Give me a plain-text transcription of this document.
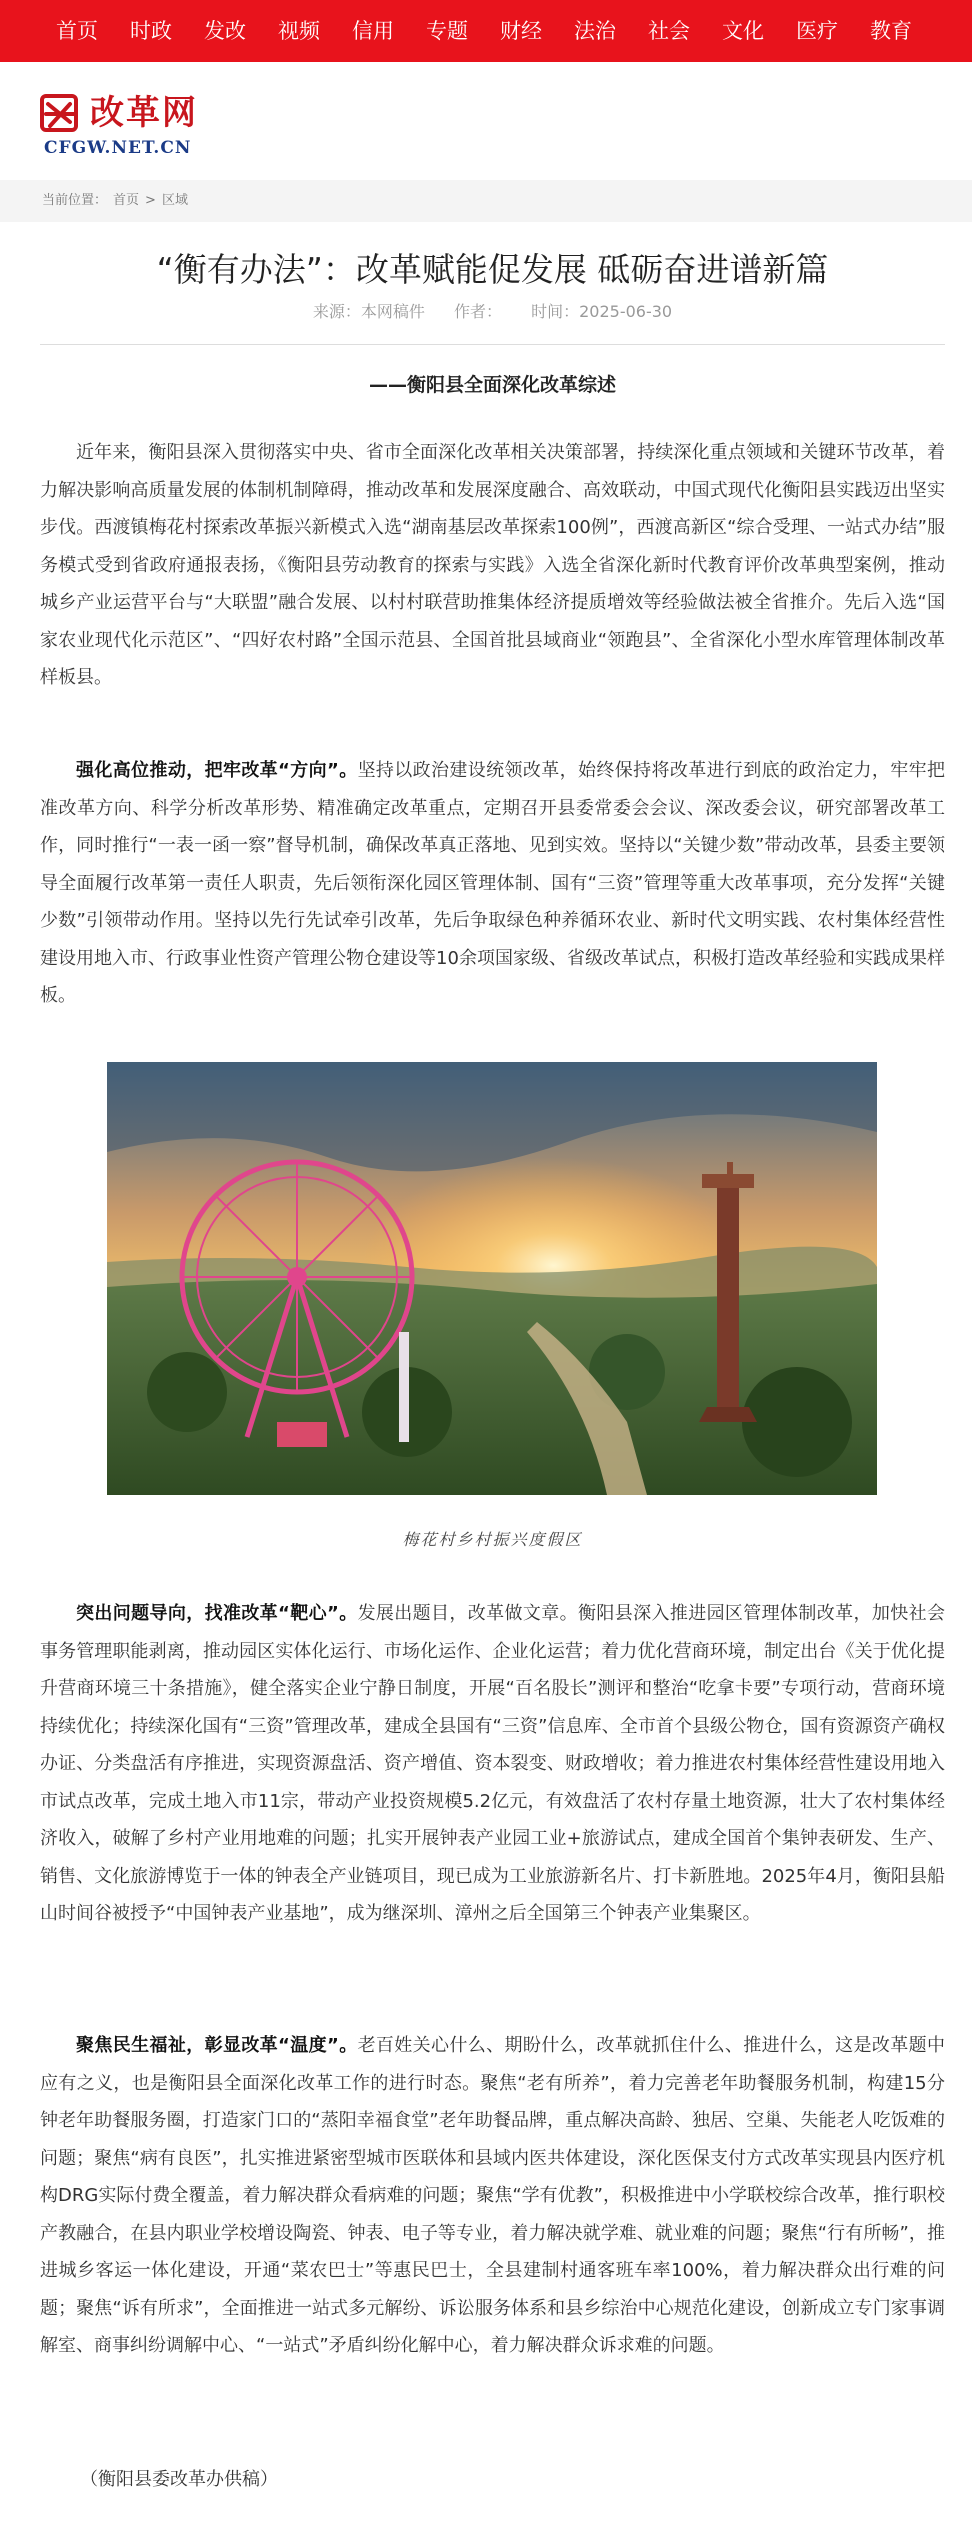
首页	时政	发改	视频	信用	专题	财经	法治	社会	文化	医疗	教育
改革网
CFGW.NET.CN
当前位置： 首页 > 区域
“衡有办法”：改革赋能促发展 砥砺奋进谱新篇
来源：本网稿件 作者： 时间：2025-06-30
——衡阳县全面深化改革综述

近年来，衡阳县深入贯彻落实中央、省市全面深化改革相关决策部署，持续深化重点领域和关键环节改革，着力解决影响高质量发展的体制机制障碍，推动改革和发展深度融合、高效联动，中国式现代化衡阳县实践迈出坚实步伐。西渡镇梅花村探索改革振兴新模式入选“湖南基层改革探索100例”，西渡高新区“综合受理、一站式办结”服务模式受到省政府通报表扬，《衡阳县劳动教育的探索与实践》入选全省深化新时代教育评价改革典型案例，推动城乡产业运营平台与“大联盟”融合发展、以村村联营助推集体经济提质增效等经验做法被全省推介。先后入选“国家农业现代化示范区”、“四好农村路”全国示范县、全国首批县域商业“领跑县”、全省深化小型水库管理体制改革样板县。

强化高位推动，把牢改革“方向”。坚持以政治建设统领改革，始终保持将改革进行到底的政治定力，牢牢把准改革方向、科学分析改革形势、精准确定改革重点，定期召开县委常委会会议、深改委会议，研究部署改革工作，同时推行“一表一函一察”督导机制，确保改革真正落地、见到实效。坚持以“关键少数”带动改革，县委主要领导全面履行改革第一责任人职责，先后领衔深化园区管理体制、国有“三资”管理等重大改革事项，充分发挥“关键少数”引领带动作用。坚持以先行先试牵引改革，先后争取绿色种养循环农业、新时代文明实践、农村集体经营性建设用地入市、行政事业性资产管理公物仓建设等10余项国家级、省级改革试点，积极打造改革经验和实践成果样板。

梅花村乡村振兴度假区

突出问题导向，找准改革“靶心”。发展出题目，改革做文章。衡阳县深入推进园区管理体制改革，加快社会事务管理职能剥离，推动园区实体化运行、市场化运作、企业化运营；着力优化营商环境，制定出台《关于优化提升营商环境三十条措施》，健全落实企业宁静日制度，开展“百名股长”测评和整治“吃拿卡要”专项行动，营商环境持续优化；持续深化国有“三资”管理改革，建成全县国有“三资”信息库、全市首个县级公物仓，国有资源资产确权办证、分类盘活有序推进，实现资源盘活、资产增值、资本裂变、财政增收；着力推进农村集体经营性建设用地入市试点改革，完成土地入市11宗，带动产业投资规模5.2亿元，有效盘活了农村存量土地资源，壮大了农村集体经济收入，破解了乡村产业用地难的问题；扎实开展钟表产业园工业+旅游试点，建成全国首个集钟表研发、生产、销售、文化旅游博览于一体的钟表全产业链项目，现已成为工业旅游新名片、打卡新胜地。2025年4月，衡阳县船山时间谷被授予“中国钟表产业基地”，成为继深圳、漳州之后全国第三个钟表产业集聚区。

聚焦民生福祉，彰显改革“温度”。老百姓关心什么、期盼什么，改革就抓住什么、推进什么，这是改革题中应有之义，也是衡阳县全面深化改革工作的进行时态。聚焦“老有所养”，着力完善老年助餐服务机制，构建15分钟老年助餐服务圈，打造家门口的“蒸阳幸福食堂”老年助餐品牌，重点解决高龄、独居、空巢、失能老人吃饭难的问题；聚焦“病有良医”，扎实推进紧密型城市医联体和县域内医共体建设，深化医保支付方式改革实现县内医疗机构DRG实际付费全覆盖，着力解决群众看病难的问题；聚焦“学有优教”，积极推进中小学联校综合改革，推行职校产教融合，在县内职业学校增设陶瓷、钟表、电子等专业，着力解决就学难、就业难的问题；聚焦“行有所畅”，推进城乡客运一体化建设，开通“菜农巴士”等惠民巴士，全县建制村通客班车率100%，着力解决群众出行难的问题；聚焦“诉有所求”，全面推进一站式多元解纷、诉讼服务体系和县乡综治中心规范化建设，创新成立专门家事调解室、商事纠纷调解中心、“一站式”矛盾纠纷化解中心，着力解决群众诉求难的问题。

（衡阳县委改革办供稿）
